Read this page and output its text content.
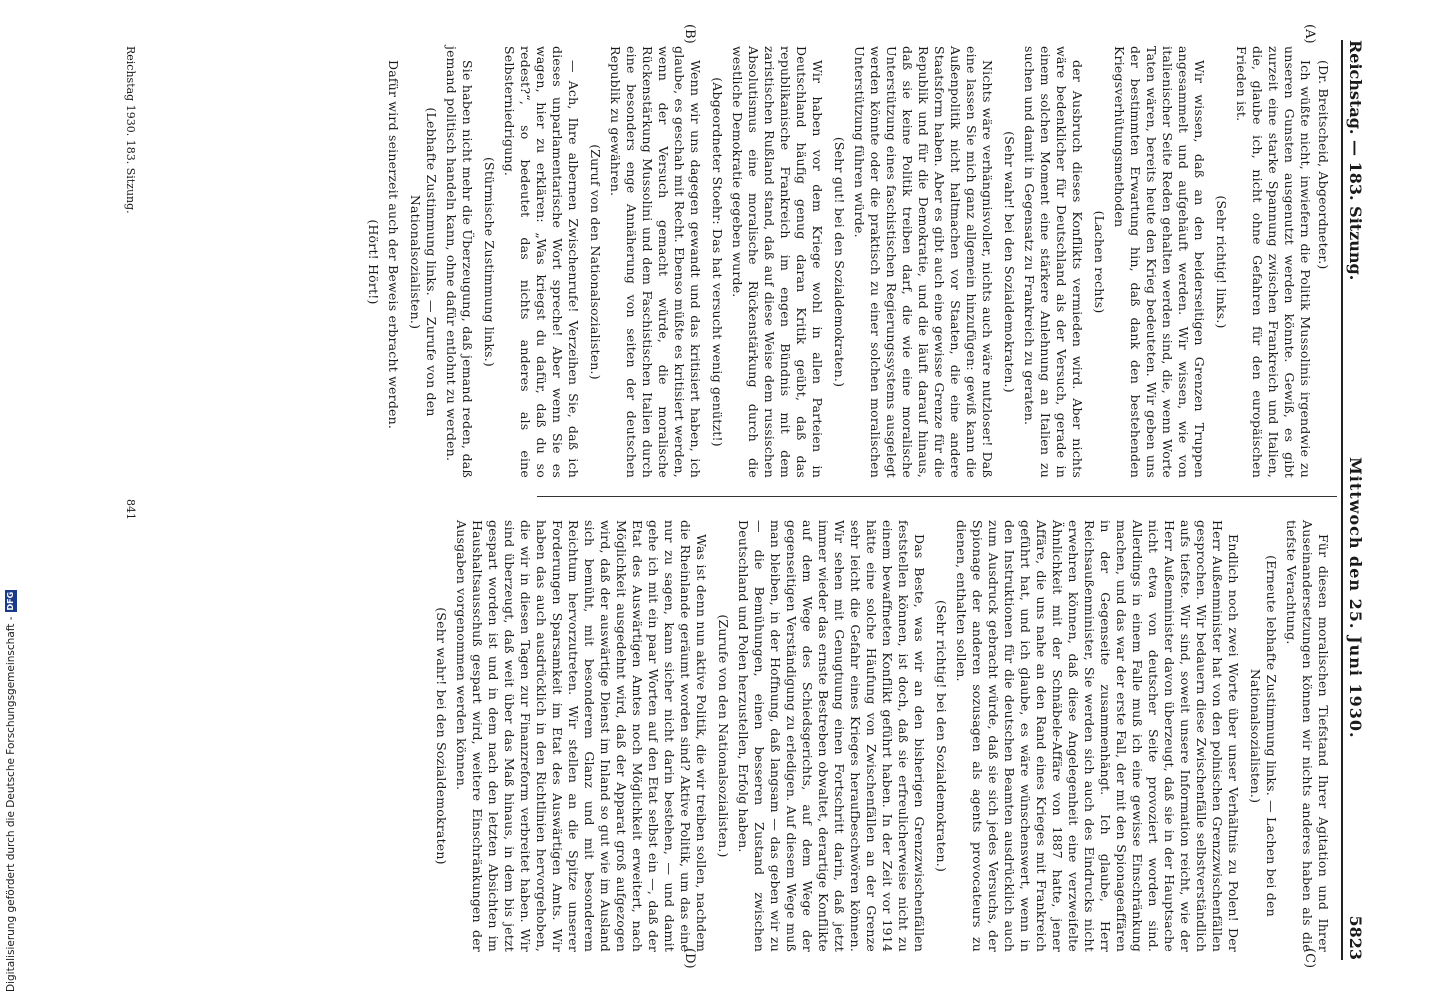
Reichstag. — 183. Sitzung.
Mittwoch den 25. Juni 1930.
5823
(A)
(B)
(C)
(D)

(Dr. Breitscheid, Abgeordneter.)

Ich wüßte nicht, inwiefern die Politik Mussolinis irgendwie zu unseren Gunsten ausgenutzt werden könnte. Gewiß, es gibt zurzeit eine starke Spannung zwischen Frankreich und Italien, die, glaube ich, nicht ohne Gefahren für den europäischen Frieden ist.

(Sehr richtig! links.)

Wir wissen, daß an den beiderseitigen Grenzen Truppen angesammelt und aufgehäuft werden. Wir wissen, wie von italienischer Seite Reden gehalten werden sind, die, wenn Worte Taten wären, bereits heute den Krieg bedeuteten. Wir geben uns der bestimmten Erwartung hin, daß dank den bestehenden Kriegsverhütungsmethoden

(Lachen rechts)

der Ausbruch dieses Konflikts vermieden wird. Aber nichts wäre bedenklicher für Deutschland als der Versuch, gerade in einem solchen Moment eine stärkere Anlehnung an Italien zu suchen und damit in Gegensatz zu Frankreich zu geraten.

(Sehr wahr! bei den Sozialdemokraten.)

Nichts wäre verhängnisvoller, nichts auch wäre nutzloser! Daß eine lassen Sie mich ganz allgemein hinzufügen: gewiß kann die Außenpolitik nicht haltmachen vor Staaten, die eine andere Staatsform haben. Aber es gibt auch eine gewisse Grenze für die Republik und für die Demokratie, und die läuft darauf hinaus, daß sie keine Politik treiben darf, die wie eine moralische Unterstützung eines faschistischen Regierungssystems ausgelegt werden könnte oder die praktisch zu einer solchen moralischen Unterstützung führen würde.

(Sehr gut! bei den Sozialdemokraten.)

Wir haben vor dem Kriege wohl in allen Parteien in Deutschland häufig genug daran Kritik geübt, daß das republikanische Frankreich im engen Bündnis mit dem zaristischen Rußland stand, daß auf diese Weise dem russischen Absolutismus eine moralische Rückenstärkung durch die westliche Demokratie gegeben wurde.

(Abgeordneter Stoehr: Das hat versucht wenig genützt!)

Wenn wir uns dagegen gewandt und das kritisiert haben, ich glaube, es geschah mit Recht. Ebenso müßte es kritisiert werden, wenn der Versuch gemacht würde, die moralische Rückenstärkung Mussolini und dem Faschistischen Italien durch eine besonders enge Annäherung von seiten der deutschen Republik zu gewähren.

(Zuruf von den Nationalsozialisten.)

— Ach, Ihre albernen Zwischenrufe! Verzeihen Sie, daß ich dieses unparlamentarische Wort spreche! Aber wenn Sie es wagen, hier zu erklären: „Was kriegst du dafür, daß du so redest?“, so bedeutet das nichts anderes als eine Selbsterniedrigung.

(Stürmische Zustimmung links.)

Sie haben nicht mehr die Überzeugung, daß jemand reden, daß jemand politisch handeln kann, ohne dafür entlohnt zu werden.

(Lebhafte Zustimmung links. — Zurufe von den Nationalsozialisten.)

Dafür wird seinerzeit auch der Beweis erbracht werden.

(Hört! Hört!)

Für diesen moralischen Tiefstand Ihrer Agitation und Ihrer Auseinandersetzungen können wir nichts anderes haben als die tiefste Verachtung.

(Erneute lebhafte Zustimmung links. — Lachen bei den Nationalsozialisten.)

Endlich noch zwei Worte über unser Verhältnis zu Polen! Der Herr Außenminister hat von den polnischen Grenzzwischenfällen gesprochen. Wir bedauern diese Zwischenfälle selbstverständlich aufs tiefste. Wir sind, soweit unsere Information reicht, wie der Herr Außenminister davon überzeugt, daß sie in der Hauptsache nicht etwa von deutscher Seite provoziert worden sind. Allerdings in einem Falle muß ich eine gewisse Einschränkung machen, und das war der erste Fall, der mit den Spionageaffären in der Gegenseite zusammenhängt. Ich glaube, Herr Reichsaußenminister, Sie werden sich auch des Eindrucks nicht erwehren können, daß diese Angelegenheit eine verzweifelte Ähnlichkeit mit der Schnäbele-Affäre von 1887 hatte, jener Affäre, die uns nahe an den Rand eines Krieges mit Frankreich geführt hat, und ich glaube, es wäre wünschenswert, wenn in den Instruktionen für die deutschen Beamten ausdrücklich auch zum Ausdruck gebracht würde, daß sie sich jedes Versuchs, der Spionage der anderen sozusagen als agents provocateurs zu dienen, enthalten sollen.

(Sehr richtig! bei den Sozialdemokraten.)

Das Beste, was wir an den bisherigen Grenzzwischenfällen feststellen können, ist doch, daß sie erfreulicherweise nicht zu einem bewaffneten Konflikt geführt haben. In der Zeit vor 1914 hätte eine solche Häufung von Zwischenfällen an der Grenze sehr leicht die Gefahr eines Krieges heraufbeschwören können. Wir sehen mit Genugtuung einen Fortschritt darin, daß jetzt immer wieder das ernste Bestreben obwaltet, derartige Konflikte auf dem Wege des Schiedsgerichts, auf dem Wege der gegenseitigen Verständigung zu erledigen. Auf diesem Wege muß man bleiben, in der Hoffnung, daß langsam — das geben wir zu — die Bemühungen, einen besseren Zustand zwischen Deutschland und Polen herzustellen, Erfolg haben.

(Zurufe von den Nationalsozialisten.)

Was ist denn nun aktive Politik, die wir treiben sollen, nachdem die Rheinlande geräumt worden sind? Aktive Politik, um das eine nur zu sagen, kann sicher nicht darin bestehen, — und damit gehe ich mit ein paar Worten auf den Etat selbst ein —, daß der Etat des Auswärtigen Amtes noch Möglichkeit erweitert, nach Möglichkeit ausgedehnt wird, daß der Apparat groß aufgezogen wird, daß der auswärtige Dienst im Inland so gut wie im Ausland sich bemüht, mit besonderem Glanz und mit besonderem Reichtum hervorzutreten. Wir stellen an die Spitze unserer Forderungen Sparsamkeit im Etat des Auswärtigen Amts. Wir haben das auch ausdrücklich in den Richtlinien hervorgehoben, die wir in diesen Tagen zur Finanzreform verbreitet haben. Wir sind überzeugt, daß weit über das Maß hinaus, in dem bis jetzt gespart worden ist und in dem nach den letzten Absichten im Haushaltsausschuß gespart wird, weitere Einschränkungen der Ausgaben vorgenommen werden können.

(Sehr wahr! bei den Sozialdemokraten)

Reichstag 1930. 183. Sitzung.
841
Digitalisierung gefördert durch die Deutsche Forschungsgemeinschaft -
DFG
